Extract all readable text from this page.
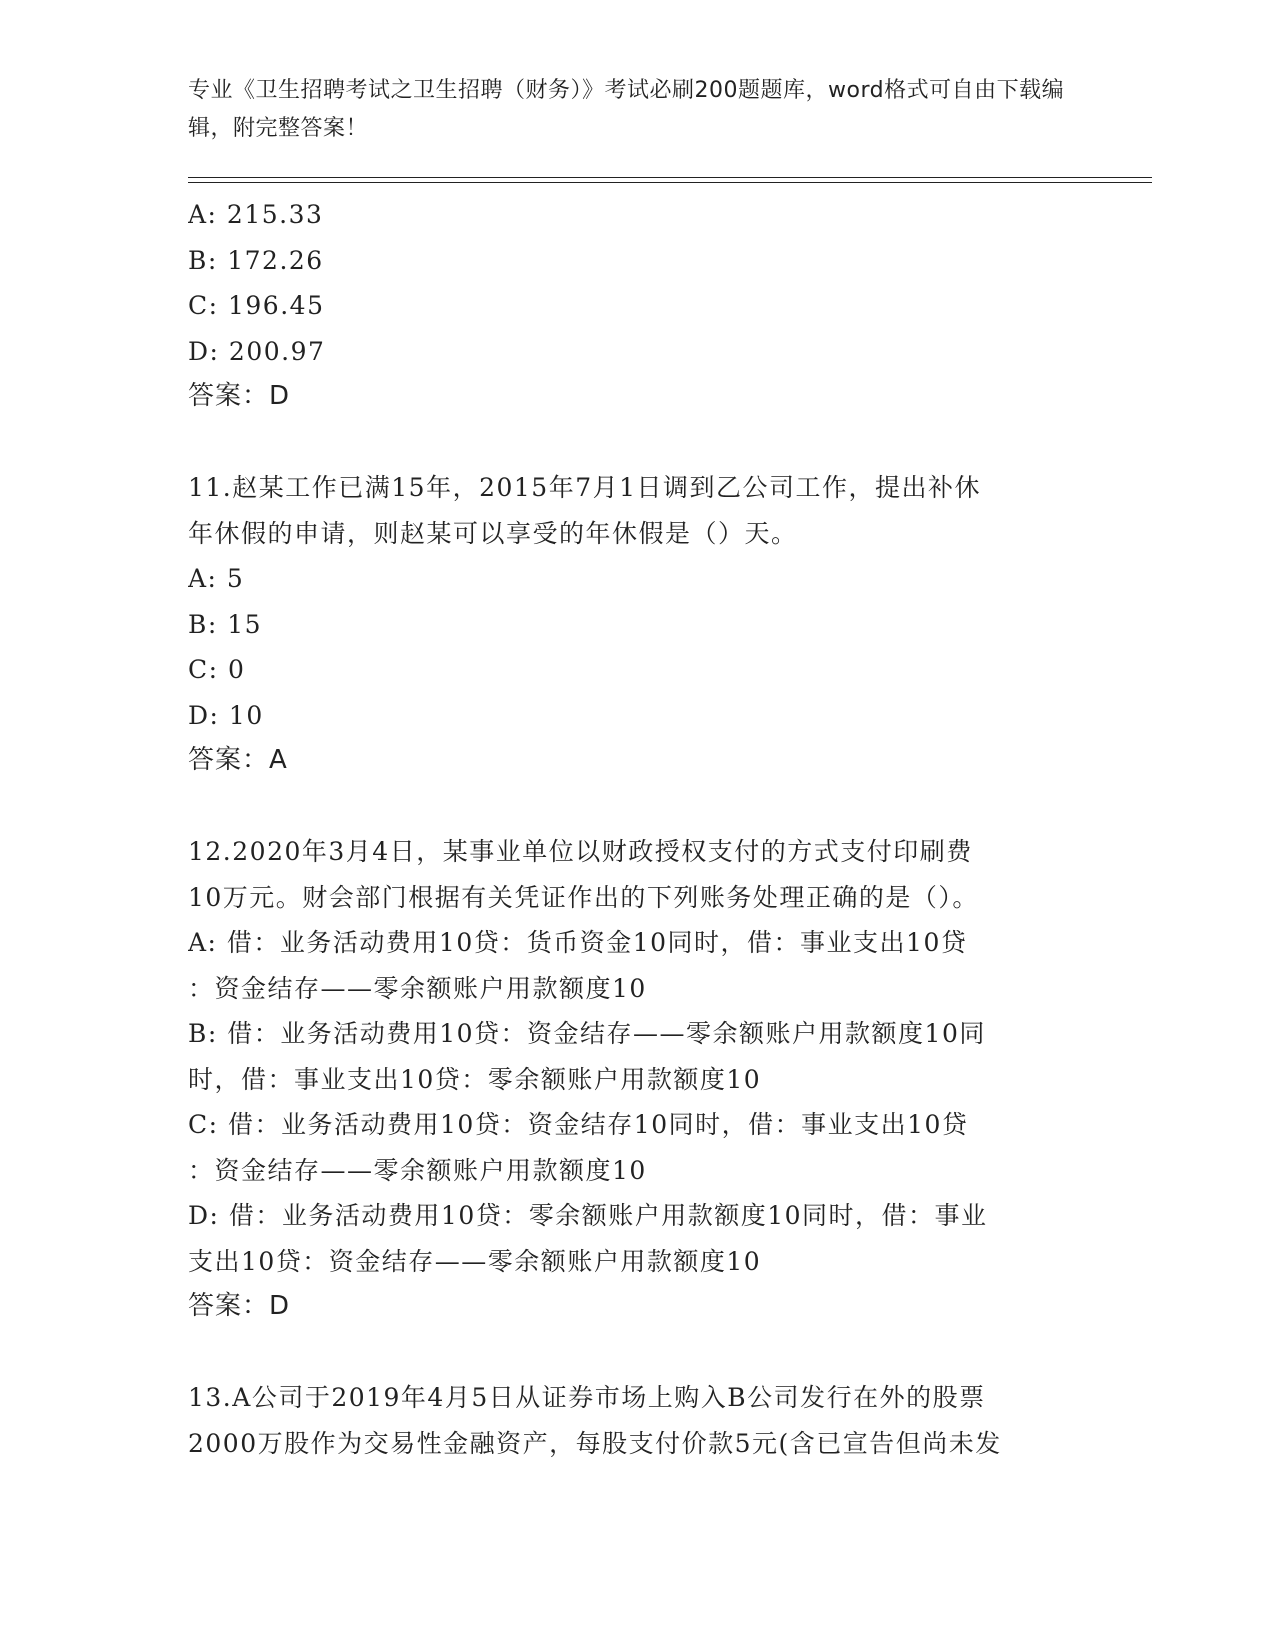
专业《卫生招聘考试之卫生招聘（财务）》考试必刷200题题库，word格式可自由下载编辑，附完整答案！

A: 215.33
B: 172.26
C: 196.45
D: 200.97
答案：D
11.赵某工作已满15年，2015年7月1日调到乙公司工作，提出补休
年休假的申请，则赵某可以享受的年休假是（）天。
A: 5
B: 15
C: 0
D: 10
答案：A
12.2020年3月4日，某事业单位以财政授权支付的方式支付印刷费
10万元。财会部门根据有关凭证作出的下列账务处理正确的是（）。
A: 借：业务活动费用10贷：货币资金10同时，借：事业支出10贷
：资金结存——零余额账户用款额度10
B: 借：业务活动费用10贷：资金结存——零余额账户用款额度10同
时，借：事业支出10贷：零余额账户用款额度10
C: 借：业务活动费用10贷：资金结存10同时，借：事业支出10贷
：资金结存——零余额账户用款额度10
D: 借：业务活动费用10贷：零余额账户用款额度10同时，借：事业
支出10贷：资金结存——零余额账户用款额度10
答案：D
13.A公司于2019年4月5日从证券市场上购入B公司发行在外的股票
2000万股作为交易性金融资产，每股支付价款5元(含已宣告但尚未发
